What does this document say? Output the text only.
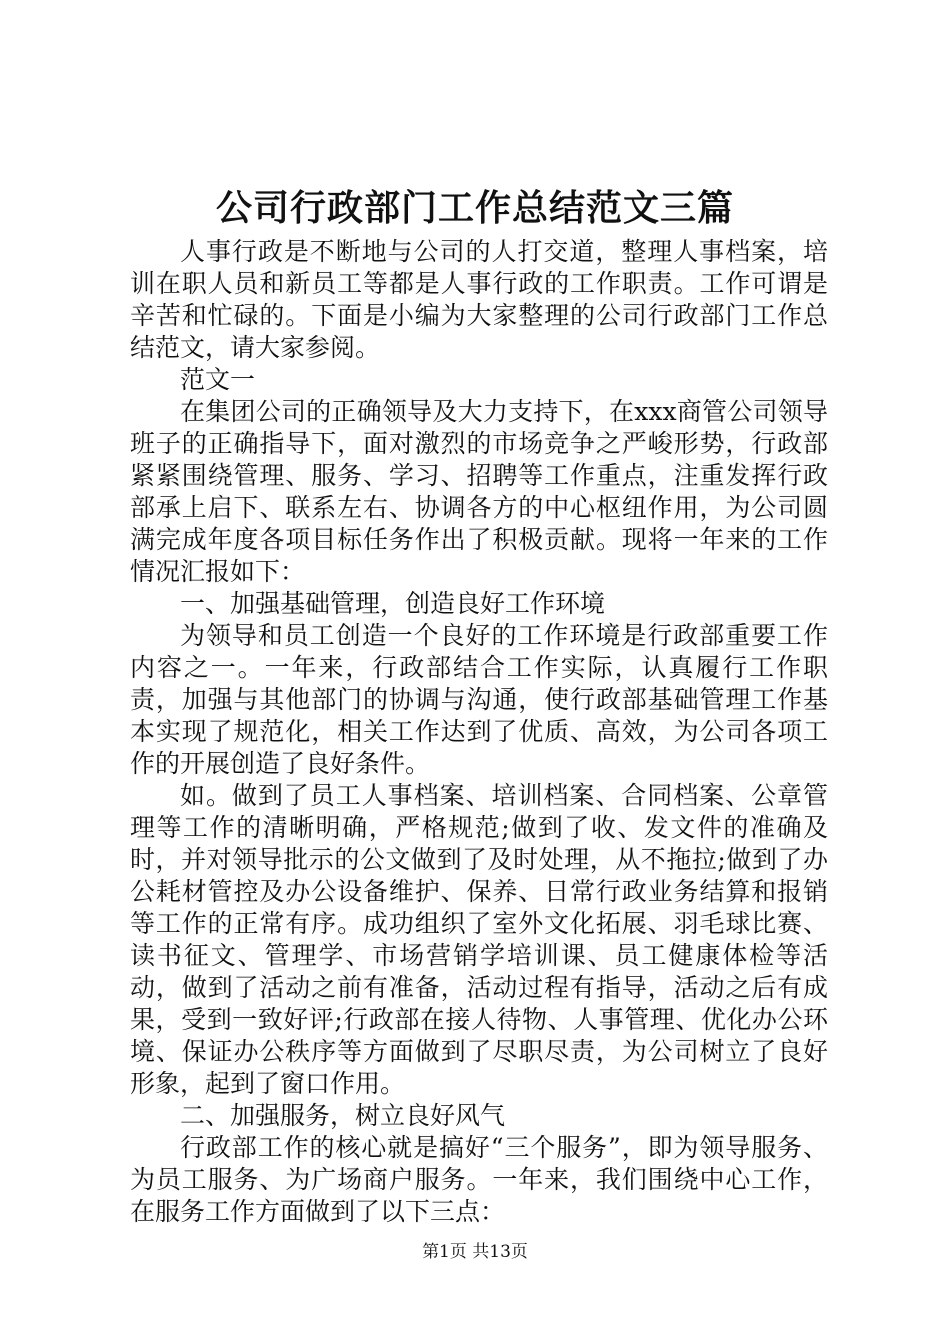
公司行政部门工作总结范文三篇

人事行政是不断地与公司的人打交道，整理人事档案，培训在职人员和新员工等都是人事行政的工作职责。工作可谓是辛苦和忙碌的。下面是小编为大家整理的公司行政部门工作总结范文，请大家参阅。

范文一

在集团公司的正确领导及大力支持下，在xxx商管公司领导班子的正确指导下，面对激烈的市场竞争之严峻形势，行政部紧紧围绕管理、服务、学习、招聘等工作重点，注重发挥行政部承上启下、联系左右、协调各方的中心枢纽作用，为公司圆满完成年度各项目标任务作出了积极贡献。现将一年来的工作情况汇报如下：

一、加强基础管理，创造良好工作环境

为领导和员工创造一个良好的工作环境是行政部重要工作内容之一。一年来，行政部结合工作实际，认真履行工作职责，加强与其他部门的协调与沟通，使行政部基础管理工作基本实现了规范化，相关工作达到了优质、高效，为公司各项工作的开展创造了良好条件。

如。做到了员工人事档案、培训档案、合同档案、公章管理等工作的清晰明确，严格规范;做到了收、发文件的准确及时，并对领导批示的公文做到了及时处理，从不拖拉;做到了办公耗材管控及办公设备维护、保养、日常行政业务结算和报销等工作的正常有序。成功组织了室外文化拓展、羽毛球比赛、读书征文、管理学、市场营销学培训课、员工健康体检等活动，做到了活动之前有准备，活动过程有指导，活动之后有成果，受到一致好评;行政部在接人待物、人事管理、优化办公环境、保证办公秩序等方面做到了尽职尽责，为公司树立了良好形象，起到了窗口作用。

二、加强服务，树立良好风气

行政部工作的核心就是搞好“三个服务”，即为领导服务、为员工服务、为广场商户服务。一年来，我们围绕中心工作，在服务工作方面做到了以下三点：

第1页 共13页
